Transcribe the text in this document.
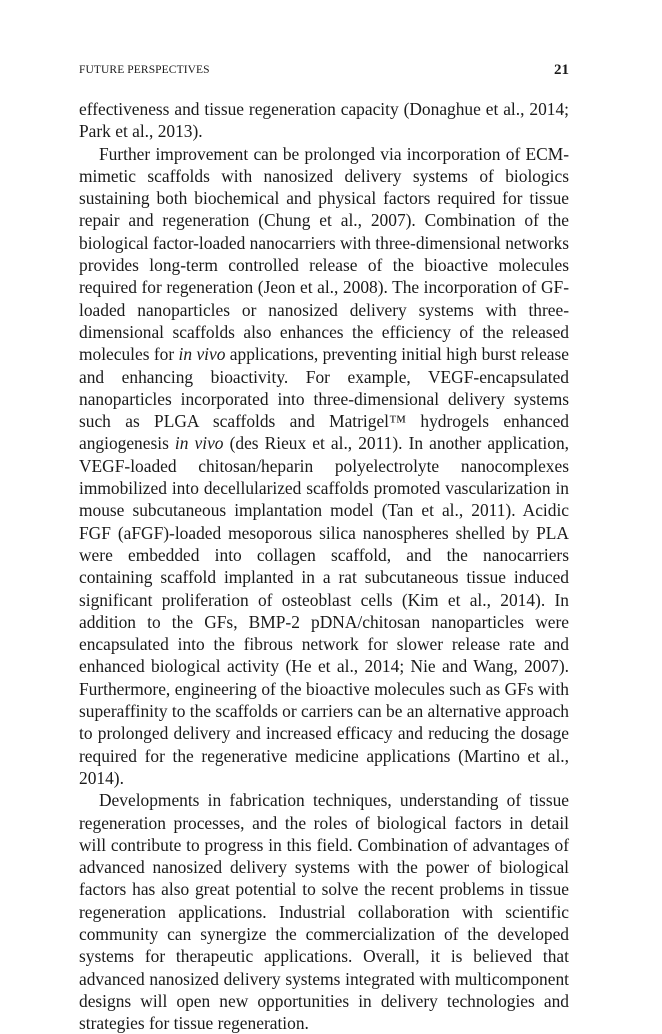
FUTURE PERSPECTIVES	21

effectiveness and tissue regeneration capacity (Donaghue et al., 2014; Park et al., 2013).

Further improvement can be prolonged via incorporation of ECM-mimetic scaffolds with nanosized delivery systems of biologics sustaining both biochemical and physical factors required for tissue repair and regeneration (Chung et al., 2007). Combination of the biological factor-loaded nanocarriers with three-dimensional networks provides long-term controlled release of the bioactive molecules required for regeneration (Jeon et al., 2008). The incorporation of GF-loaded nanoparticles or nanosized delivery systems with three-dimensional scaffolds also enhances the efficiency of the released molecules for in vivo applications, preventing initial high burst release and enhancing bioactivity. For example, VEGF-encapsulated nanoparticles incorporated into three-dimensional delivery systems such as PLGA scaffolds and Matrigel™ hydrogels enhanced angiogenesis in vivo (des Rieux et al., 2011). In another application, VEGF-loaded chitosan/heparin polyelectrolyte nanocomplexes immobilized into decellularized scaffolds promoted vascularization in mouse subcutaneous implantation model (Tan et al., 2011). Acidic FGF (aFGF)-loaded mesoporous silica nanospheres shelled by PLA were embedded into collagen scaffold, and the nanocarriers containing scaffold implanted in a rat subcutaneous tissue induced significant proliferation of osteoblast cells (Kim et al., 2014). In addition to the GFs, BMP-2 pDNA/chitosan nanoparticles were encapsulated into the fibrous network for slower release rate and enhanced biological activity (He et al., 2014; Nie and Wang, 2007). Furthermore, engineering of the bioactive molecules such as GFs with superaffinity to the scaffolds or carriers can be an alternative approach to prolonged delivery and increased efficacy and reducing the dosage required for the regenerative medicine applications (Martino et al., 2014).

Developments in fabrication techniques, understanding of tissue regeneration processes, and the roles of biological factors in detail will contribute to progress in this field. Combination of advantages of advanced nanosized delivery systems with the power of biological factors has also great potential to solve the recent problems in tissue regeneration applications. Industrial collaboration with scientific community can synergize the commercialization of the developed systems for therapeutic applications. Overall, it is believed that advanced nanosized delivery systems integrated with multicomponent designs will open new opportunities in delivery technologies and strategies for tissue regeneration.
